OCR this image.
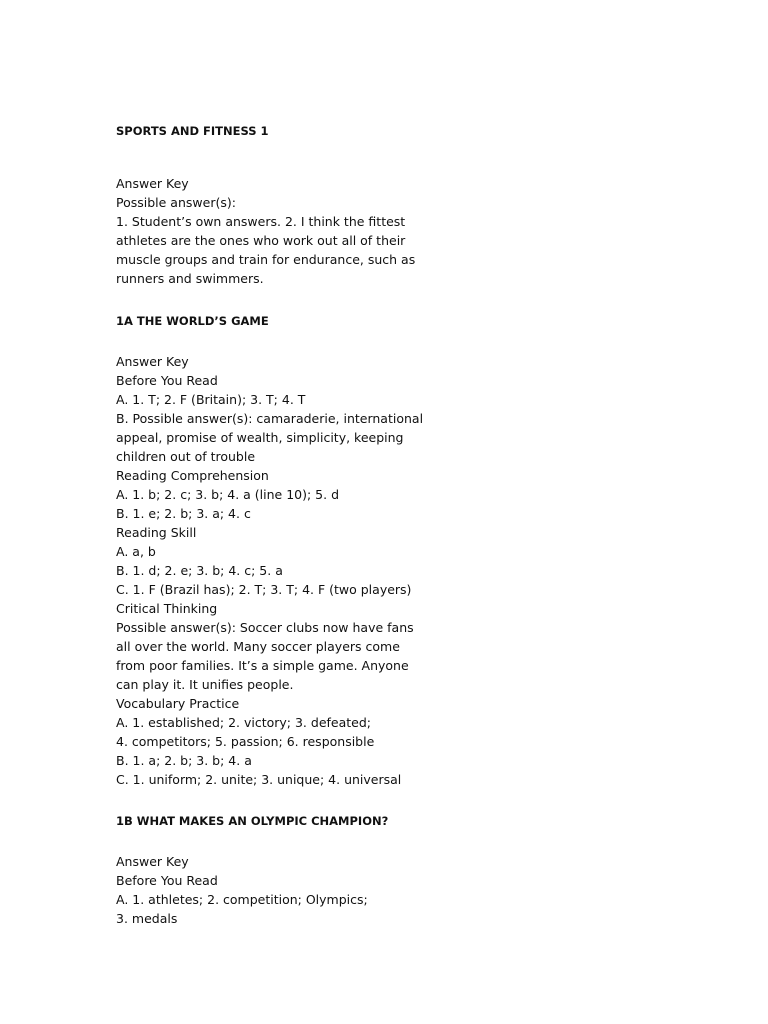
SPORTS AND FITNESS 1
Answer Key
Possible answer(s):
1. Student’s own answers. 2. I think the fittest
athletes are the ones who work out all of their
muscle groups and train for endurance, such as
runners and swimmers.
1A THE WORLD’S GAME
Answer Key
Before You Read
A. 1. T; 2. F (Britain); 3. T; 4. T
B. Possible answer(s): camaraderie, international
appeal, promise of wealth, simplicity, keeping
children out of trouble
Reading Comprehension
A. 1. b; 2. c; 3. b; 4. a (line 10); 5. d
B. 1. e; 2. b; 3. a; 4. c
Reading Skill
A. a, b
B. 1. d; 2. e; 3. b; 4. c; 5. a
C. 1. F (Brazil has); 2. T; 3. T; 4. F (two players)
Critical Thinking
Possible answer(s): Soccer clubs now have fans
all over the world. Many soccer players come
from poor families. It’s a simple game. Anyone
can play it. It unifies people.
Vocabulary Practice
A. 1. established; 2. victory; 3. defeated;
4. competitors; 5. passion; 6. responsible
B. 1. a; 2. b; 3. b; 4. a
C. 1. uniform; 2. unite; 3. unique; 4. universal
1B WHAT MAKES AN OLYMPIC CHAMPION?
Answer Key
Before You Read
A. 1. athletes; 2. competition; Olympics;
3. medals
